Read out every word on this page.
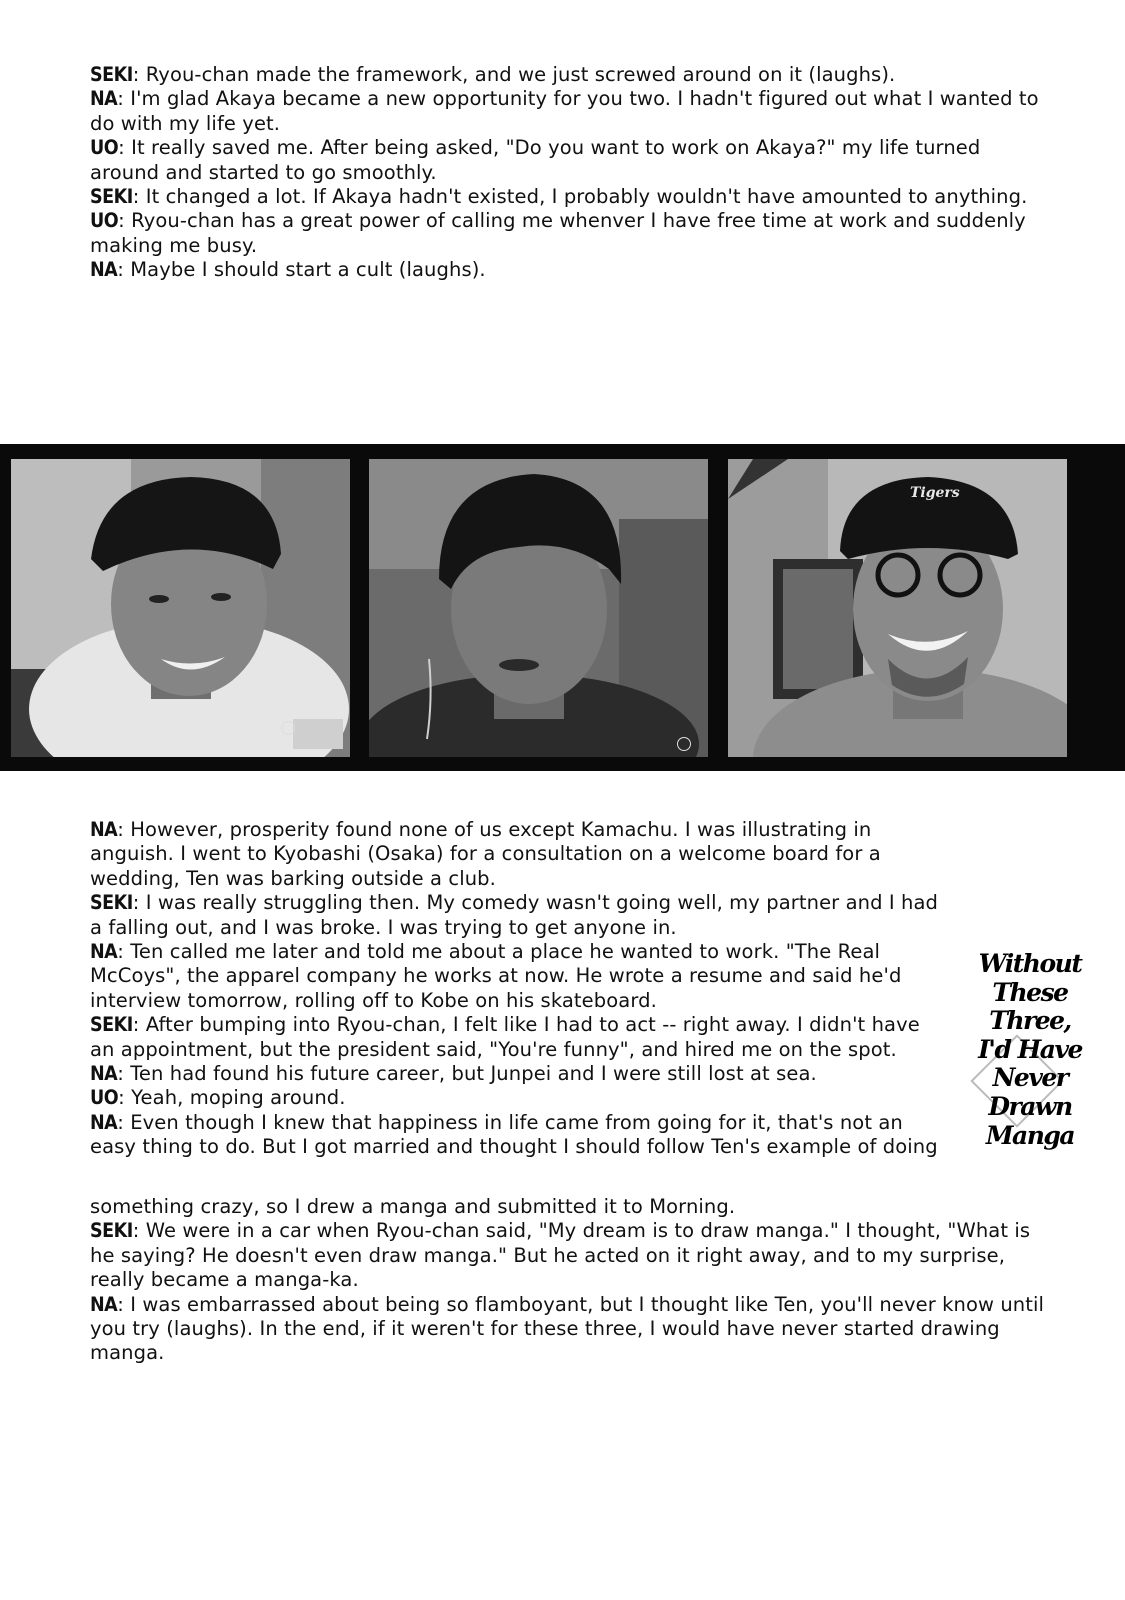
SEKI: Ryou-chan made the framework, and we just screwed around on it (laughs).

NA: I'm glad Akaya became a new opportunity for you two. I hadn't figured out what I wanted to do with my life yet.

UO: It really saved me. After being asked, "Do you want to work on Akaya?" my life turned around and started to go smoothly.

SEKI: It changed a lot. If Akaya hadn't existed, I probably wouldn't have amounted to anything.

UO: Ryou-chan has a great power of calling me whenver I have free time at work and suddenly making me busy.

NA: Maybe I should start a cult (laughs).

Tigers

NA: However, prosperity found none of us except Kamachu. I was illustrating in anguish. I went to Kyobashi (Osaka) for a consultation on a welcome board for a wedding, Ten was barking outside a club.

SEKI: I was really struggling then. My comedy wasn't going well, my partner and I had a falling out, and I was broke. I was trying to get anyone in.

NA: Ten called me later and told me about a place he wanted to work. "The Real McCoys", the apparel company he works at now. He wrote a resume and said he'd interview tomorrow, rolling off to Kobe on his skateboard.

SEKI: After bumping into Ryou-chan, I felt like I had to act -- right away. I didn't have an appointment, but the president said, "You're funny", and hired me on the spot.

NA: Ten had found his future career, but Junpei and I were still lost at sea.

UO: Yeah, moping around.

NA: Even though I knew that happiness in life came from going for it, that's not an easy thing to do. But I got married and thought I should follow Ten's example of doing

Without
These Three,
I'd Have
Never
Drawn
Manga

something crazy, so I drew a manga and submitted it to Morning.

SEKI: We were in a car when Ryou-chan said, "My dream is to draw manga." I thought, "What is he saying? He doesn't even draw manga." But he acted on it right away, and to my surprise, really became a manga-ka.

NA: I was embarrassed about being so flamboyant, but I thought like Ten, you'll never know until you try (laughs). In the end, if it weren't for these three, I would have never started drawing manga.
